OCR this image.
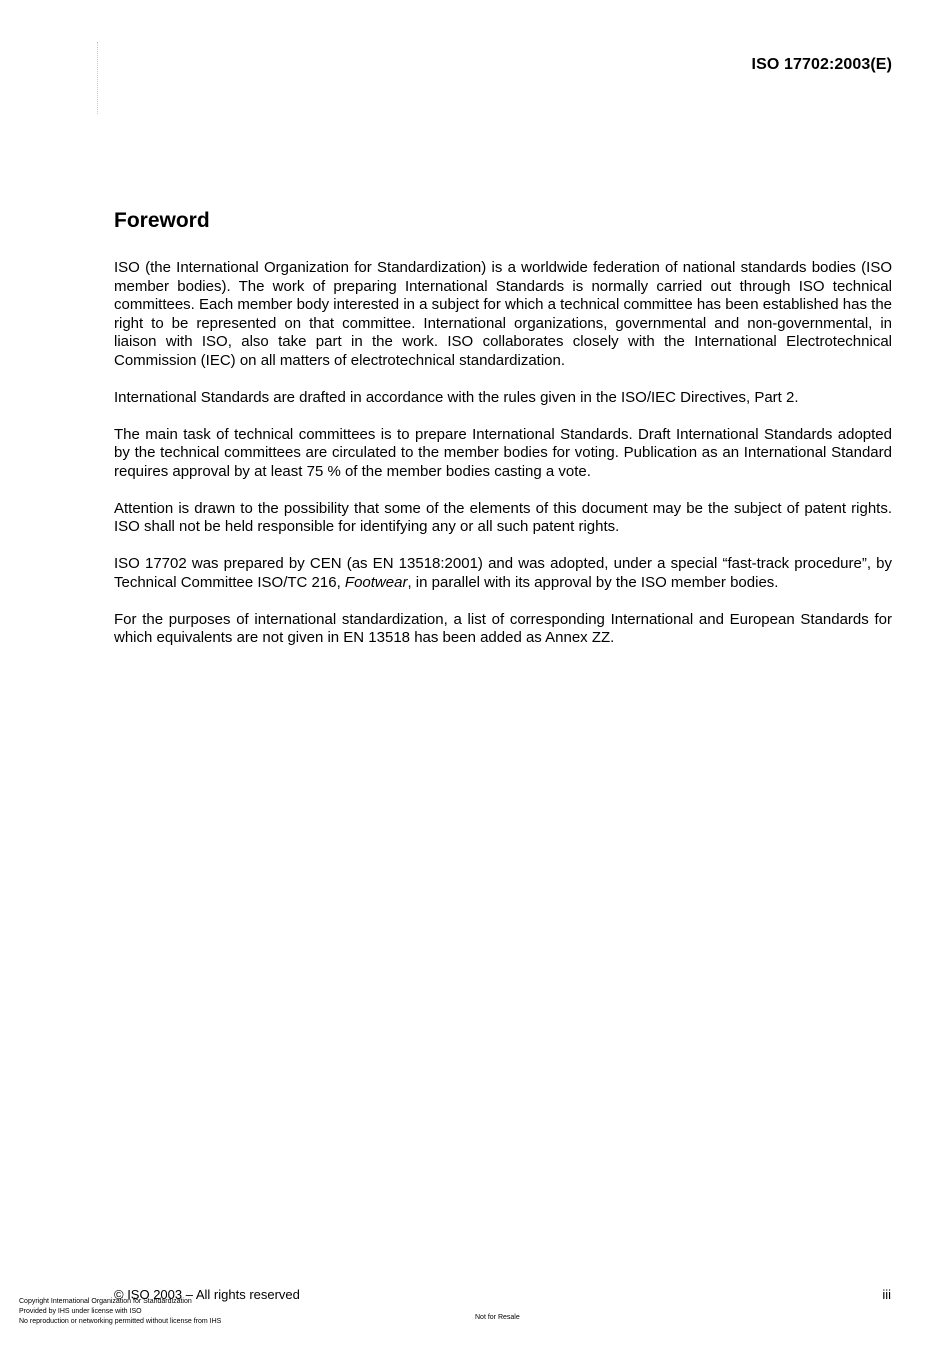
ISO 17702:2003(E)
Foreword

ISO (the International Organization for Standardization) is a worldwide federation of national standards bodies (ISO member bodies). The work of preparing International Standards is normally carried out through ISO technical committees. Each member body interested in a subject for which a technical committee has been established has the right to be represented on that committee. International organizations, governmental and non-governmental, in liaison with ISO, also take part in the work. ISO collaborates closely with the International Electrotechnical Commission (IEC) on all matters of electrotechnical standardization.

International Standards are drafted in accordance with the rules given in the ISO/IEC Directives, Part 2.

The main task of technical committees is to prepare International Standards. Draft International Standards adopted by the technical committees are circulated to the member bodies for voting. Publication as an International Standard requires approval by at least 75 % of the member bodies casting a vote.

Attention is drawn to the possibility that some of the elements of this document may be the subject of patent rights. ISO shall not be held responsible for identifying any or all such patent rights.

ISO 17702 was prepared by CEN (as EN 13518:2001) and was adopted, under a special “fast-track procedure”, by Technical Committee ISO/TC 216, Footwear, in parallel with its approval by the ISO member bodies.

For the purposes of international standardization, a list of corresponding International and European Standards for which equivalents are not given in EN 13518 has been added as Annex ZZ.

© ISO 2003 – All rights reserved	iii
Copyright International Organization for Standardization
Provided by IHS under license with ISO
No reproduction or networking permitted without license from IHS
Not for Resale
